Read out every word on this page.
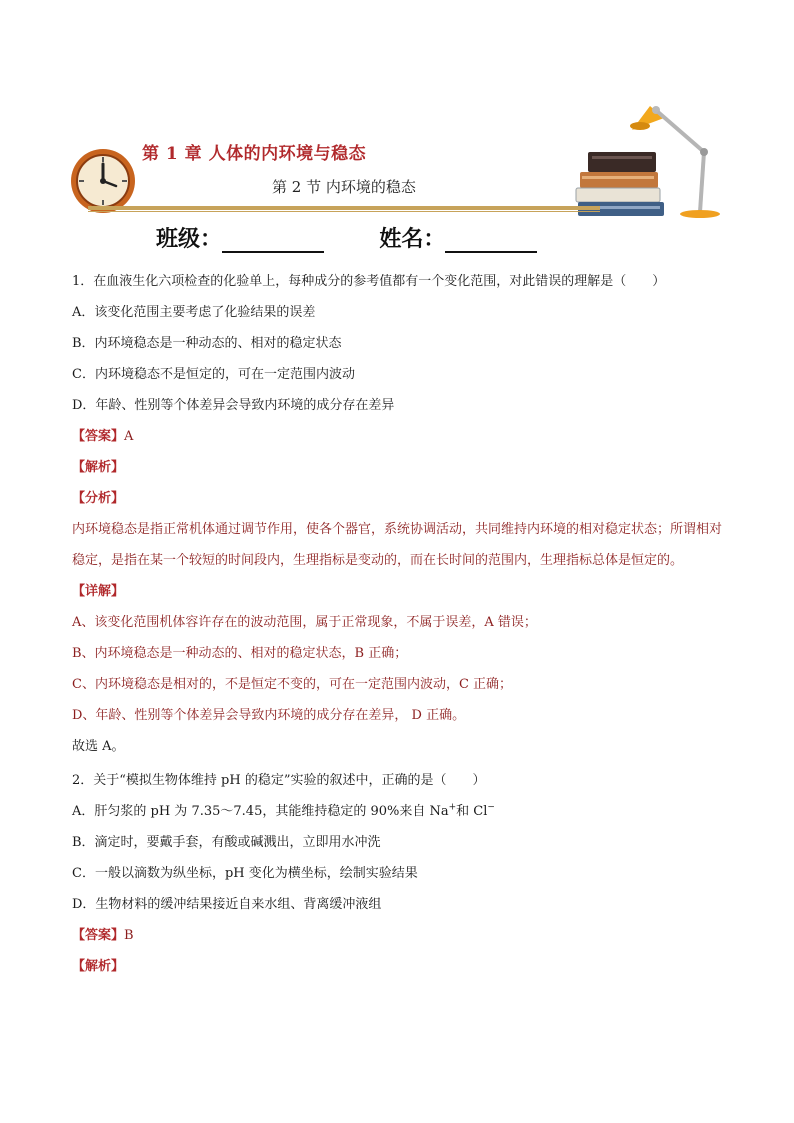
第 1 章 人体的内环境与稳态
第 2 节 内环境的稳态
班级：	姓名：
1．在血液生化六项检查的化验单上，每种成分的参考值都有一个变化范围，对此错误的理解是（　　）
A．该变化范围主要考虑了化验结果的误差
B．内环境稳态是一种动态的、相对的稳定状态
C．内环境稳态不是恒定的，可在一定范围内波动
D．年龄、性别等个体差异会导致内环境的成分存在差异
【答案】A
【解析】
【分析】
内环境稳态是指正常机体通过调节作用，使各个器官，系统协调活动，共同维持内环境的相对稳定状态；所谓相对稳定，是指在某一个较短的时间段内，生理指标是变动的，而在长时间的范围内，生理指标总体是恒定的。
【详解】
A、该变化范围机体容许存在的波动范围，属于正常现象，不属于误差，A 错误；
B、内环境稳态是一种动态的、相对的稳定状态，B 正确；
C、内环境稳态是相对的，不是恒定不变的，可在一定范围内波动，C 正确；
D、年龄、性别等个体差异会导致内环境的成分存在差异， D 正确。
故选 A。
2．关于“模拟生物体维持 pH 的稳定”实验的叙述中，正确的是（　　）
A．肝匀浆的 pH 为 7.35～7.45，其能维持稳定的 90%来自 Na+和 Cl−
B．滴定时，要戴手套，有酸或碱溅出，立即用水冲洗
C．一般以滴数为纵坐标，pH 变化为横坐标，绘制实验结果
D．生物材料的缓冲结果接近自来水组、背离缓冲液组
【答案】B
【解析】
